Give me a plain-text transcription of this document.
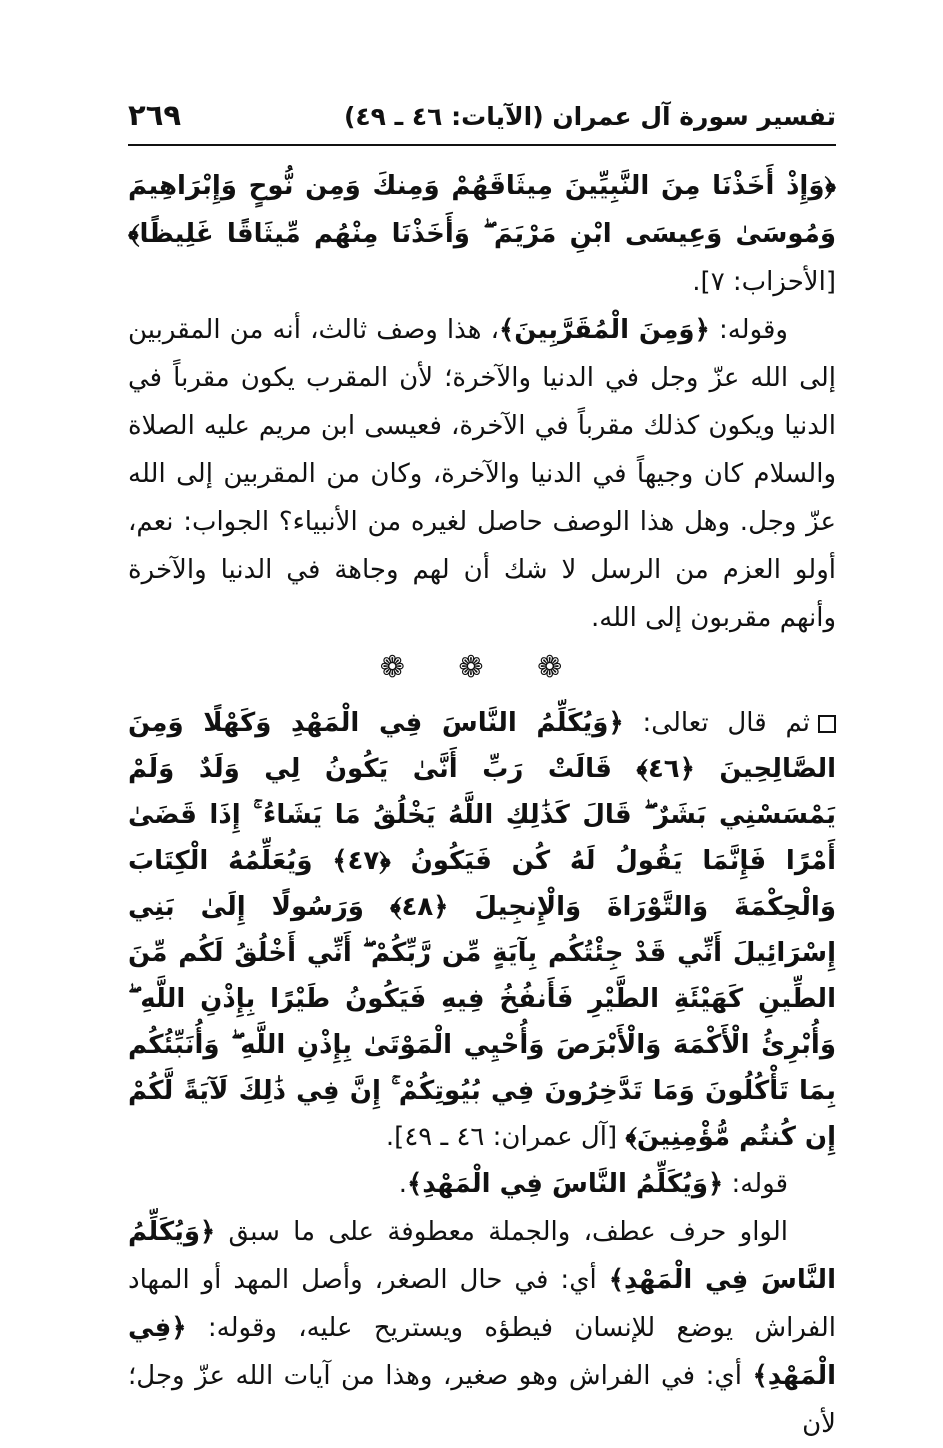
تفسير سورة آل عمران (الآيات: ٤٦ ـ ٤٩)
٢٦٩

﴿وَإِذْ أَخَذْنَا مِنَ النَّبِيِّينَ مِيثَاقَهُمْ وَمِنكَ وَمِن نُّوحٍ وَإِبْرَاهِيمَ وَمُوسَىٰ وَعِيسَى ابْنِ مَرْيَمَ ۖ وَأَخَذْنَا مِنْهُم مِّيثَاقًا غَلِيظًا﴾ [الأحزاب: ٧].

وقوله: ﴿وَمِنَ الْمُقَرَّبِينَ﴾، هذا وصف ثالث، أنه من المقربين إلى الله عزّ وجل في الدنيا والآخرة؛ لأن المقرب يكون مقرباً في الدنيا ويكون كذلك مقرباً في الآخرة، فعيسى ابن مريم عليه الصلاة والسلام كان وجيهاً في الدنيا والآخرة، وكان من المقربين إلى الله عزّ وجل. وهل هذا الوصف حاصل لغيره من الأنبياء؟ الجواب: نعم، أولو العزم من الرسل لا شك أن لهم وجاهة في الدنيا والآخرة وأنهم مقربون إلى الله.

❁ ❁ ❁

ثم قال تعالى: ﴿وَيُكَلِّمُ النَّاسَ فِي الْمَهْدِ وَكَهْلًا وَمِنَ الصَّالِحِينَ ﴿٤٦﴾ قَالَتْ رَبِّ أَنَّىٰ يَكُونُ لِي وَلَدٌ وَلَمْ يَمْسَسْنِي بَشَرٌ ۖ قَالَ كَذَٰلِكِ اللَّهُ يَخْلُقُ مَا يَشَاءُ ۚ إِذَا قَضَىٰ أَمْرًا فَإِنَّمَا يَقُولُ لَهُ كُن فَيَكُونُ ﴿٤٧﴾ وَيُعَلِّمُهُ الْكِتَابَ وَالْحِكْمَةَ وَالتَّوْرَاةَ وَالْإِنجِيلَ ﴿٤٨﴾ وَرَسُولًا إِلَىٰ بَنِي إِسْرَائِيلَ أَنِّي قَدْ جِئْتُكُم بِآيَةٍ مِّن رَّبِّكُمْ ۖ أَنِّي أَخْلُقُ لَكُم مِّنَ الطِّينِ كَهَيْئَةِ الطَّيْرِ فَأَنفُخُ فِيهِ فَيَكُونُ طَيْرًا بِإِذْنِ اللَّهِ ۖ وَأُبْرِئُ الْأَكْمَهَ وَالْأَبْرَصَ وَأُحْيِي الْمَوْتَىٰ بِإِذْنِ اللَّهِ ۖ وَأُنَبِّئُكُم بِمَا تَأْكُلُونَ وَمَا تَدَّخِرُونَ فِي بُيُوتِكُمْ ۚ إِنَّ فِي ذَٰلِكَ لَآيَةً لَّكُمْ إِن كُنتُم مُّؤْمِنِينَ﴾ [آل عمران: ٤٦ ـ ٤٩].

قوله: ﴿وَيُكَلِّمُ النَّاسَ فِي الْمَهْدِ﴾.

الواو حرف عطف، والجملة معطوفة على ما سبق ﴿وَيُكَلِّمُ النَّاسَ فِي الْمَهْدِ﴾ أي: في حال الصغر، وأصل المهد أو المهاد الفراش يوضع للإنسان فيطؤه ويستريح عليه، وقوله: ﴿فِي الْمَهْدِ﴾ أي: في الفراش وهو صغير، وهذا من آيات الله عزّ وجل؛ لأن
